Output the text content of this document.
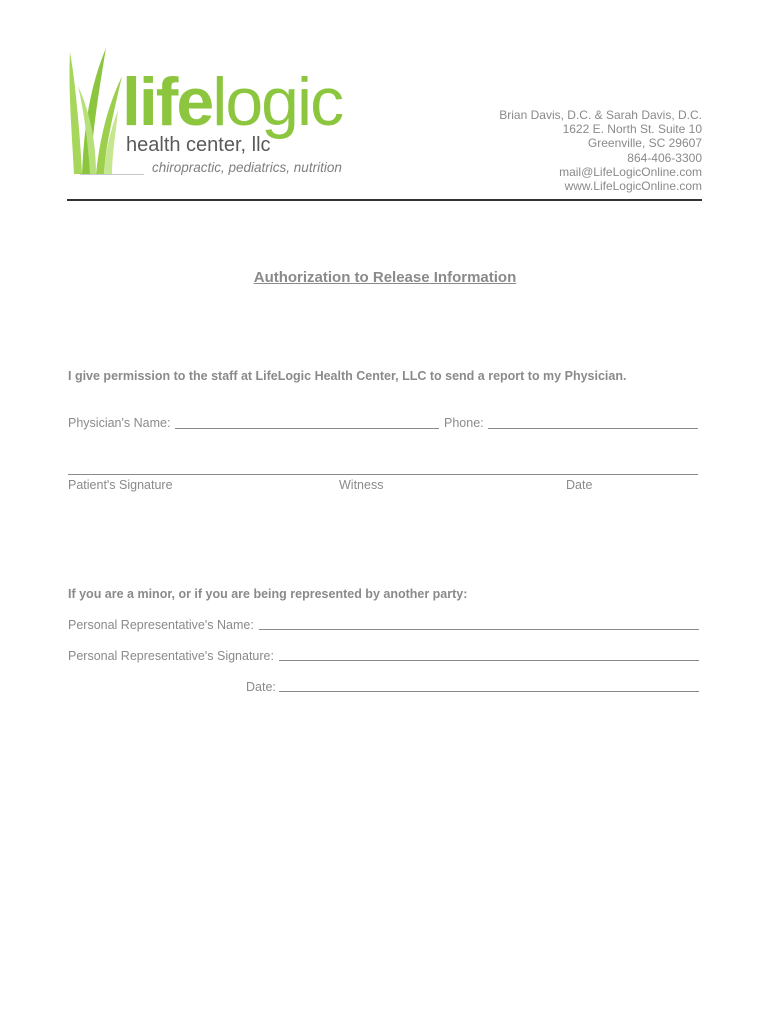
lifelogic
health center, llc
chiropractic, pediatrics, nutrition
Brian Davis, D.C. & Sarah Davis, D.C.
1622 E. North St. Suite 10
Greenville, SC 29607
864-406-3300
mail@LifeLogicOnline.com
www.LifeLogicOnline.com
Authorization to Release Information
I give permission to the staff at LifeLogic Health Center, LLC to send a report to my Physician.
Physician's Name:	Phone:
Patient's Signature	Witness	Date
If you are a minor, or if you are being represented by another party:
Personal Representative's Name:
Personal Representative's Signature:
Date:
